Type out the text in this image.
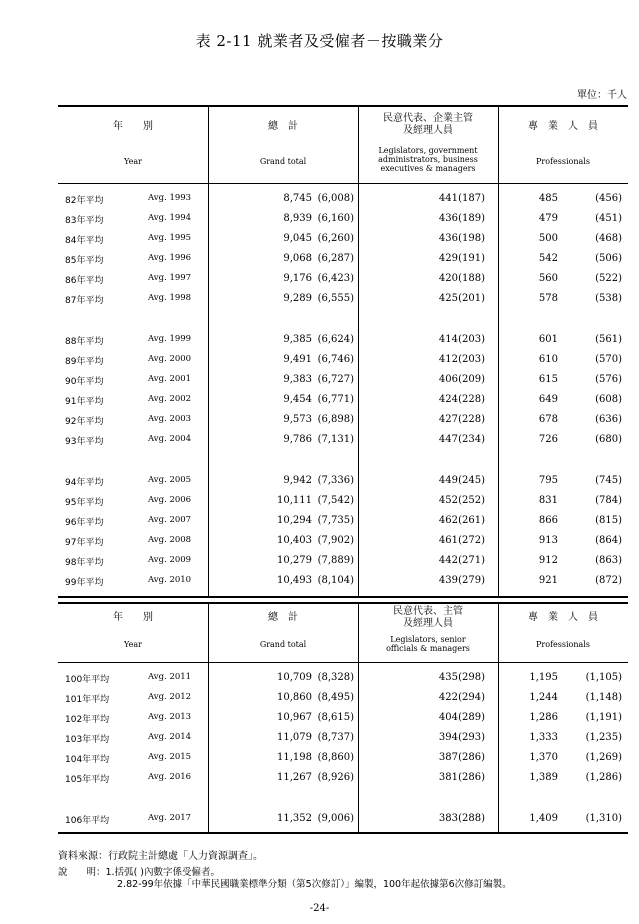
表 2-11 就業者及受僱者－按職業分
單位：千人
年　　別
Year
總　計
Grand total
民意代表、企業主管
及經理人員
Legislators, government
administrators, business
executives & managers
專　業　人　員
Professionals
82年平均	Avg. 1993	8,745 (6,008)	441 (187)	485	(456)
83年平均	Avg. 1994	8,939 (6,160)	436 (189)	479	(451)
84年平均	Avg. 1995	9,045 (6,260)	436 (198)	500	(468)
85年平均	Avg. 1996	9,068 (6,287)	429 (191)	542	(506)
86年平均	Avg. 1997	9,176 (6,423)	420 (188)	560	(522)
87年平均	Avg. 1998	9,289 (6,555)	425 (201)	578	(538)
88年平均	Avg. 1999	9,385 (6,624)	414 (203)	601	(561)
89年平均	Avg. 2000	9,491 (6,746)	412 (203)	610	(570)
90年平均	Avg. 2001	9,383 (6,727)	406 (209)	615	(576)
91年平均	Avg. 2002	9,454 (6,771)	424 (228)	649	(608)
92年平均	Avg. 2003	9,573 (6,898)	427 (228)	678	(636)
93年平均	Avg. 2004	9,786 (7,131)	447 (234)	726	(680)
94年平均	Avg. 2005	9,942 (7,336)	449 (245)	795	(745)
95年平均	Avg. 2006	10,111 (7,542)	452 (252)	831	(784)
96年平均	Avg. 2007	10,294 (7,735)	462 (261)	866	(815)
97年平均	Avg. 2008	10,403 (7,902)	461 (272)	913	(864)
98年平均	Avg. 2009	10,279 (7,889)	442 (271)	912	(863)
99年平均	Avg. 2010	10,493 (8,104)	439 (279)	921	(872)
年　　別
Year
總　計
Grand total
民意代表、主管
及經理人員
Legislators, senior
officials & managers
專　業　人　員
Professionals
100年平均	Avg. 2011	10,709 (8,328)	435 (298)	1,195	(1,105)
101年平均	Avg. 2012	10,860 (8,495)	422 (294)	1,244	(1,148)
102年平均	Avg. 2013	10,967 (8,615)	404 (289)	1,286	(1,191)
103年平均	Avg. 2014	11,079 (8,737)	394 (293)	1,333	(1,235)
104年平均	Avg. 2015	11,198 (8,860)	387 (286)	1,370	(1,269)
105年平均	Avg. 2016	11,267 (8,926)	381 (286)	1,389	(1,286)
106年平均	Avg. 2017	11,352 (9,006)	383 (288)	1,409	(1,310)
資料來源：行政院主計總處「人力資源調查」。
說　　明：1.括弧( )內數字係受僱者。
2.82-99年依據「中華民國職業標準分類（第5次修訂）」編製，100年起依據第6次修訂編製。
-24-
